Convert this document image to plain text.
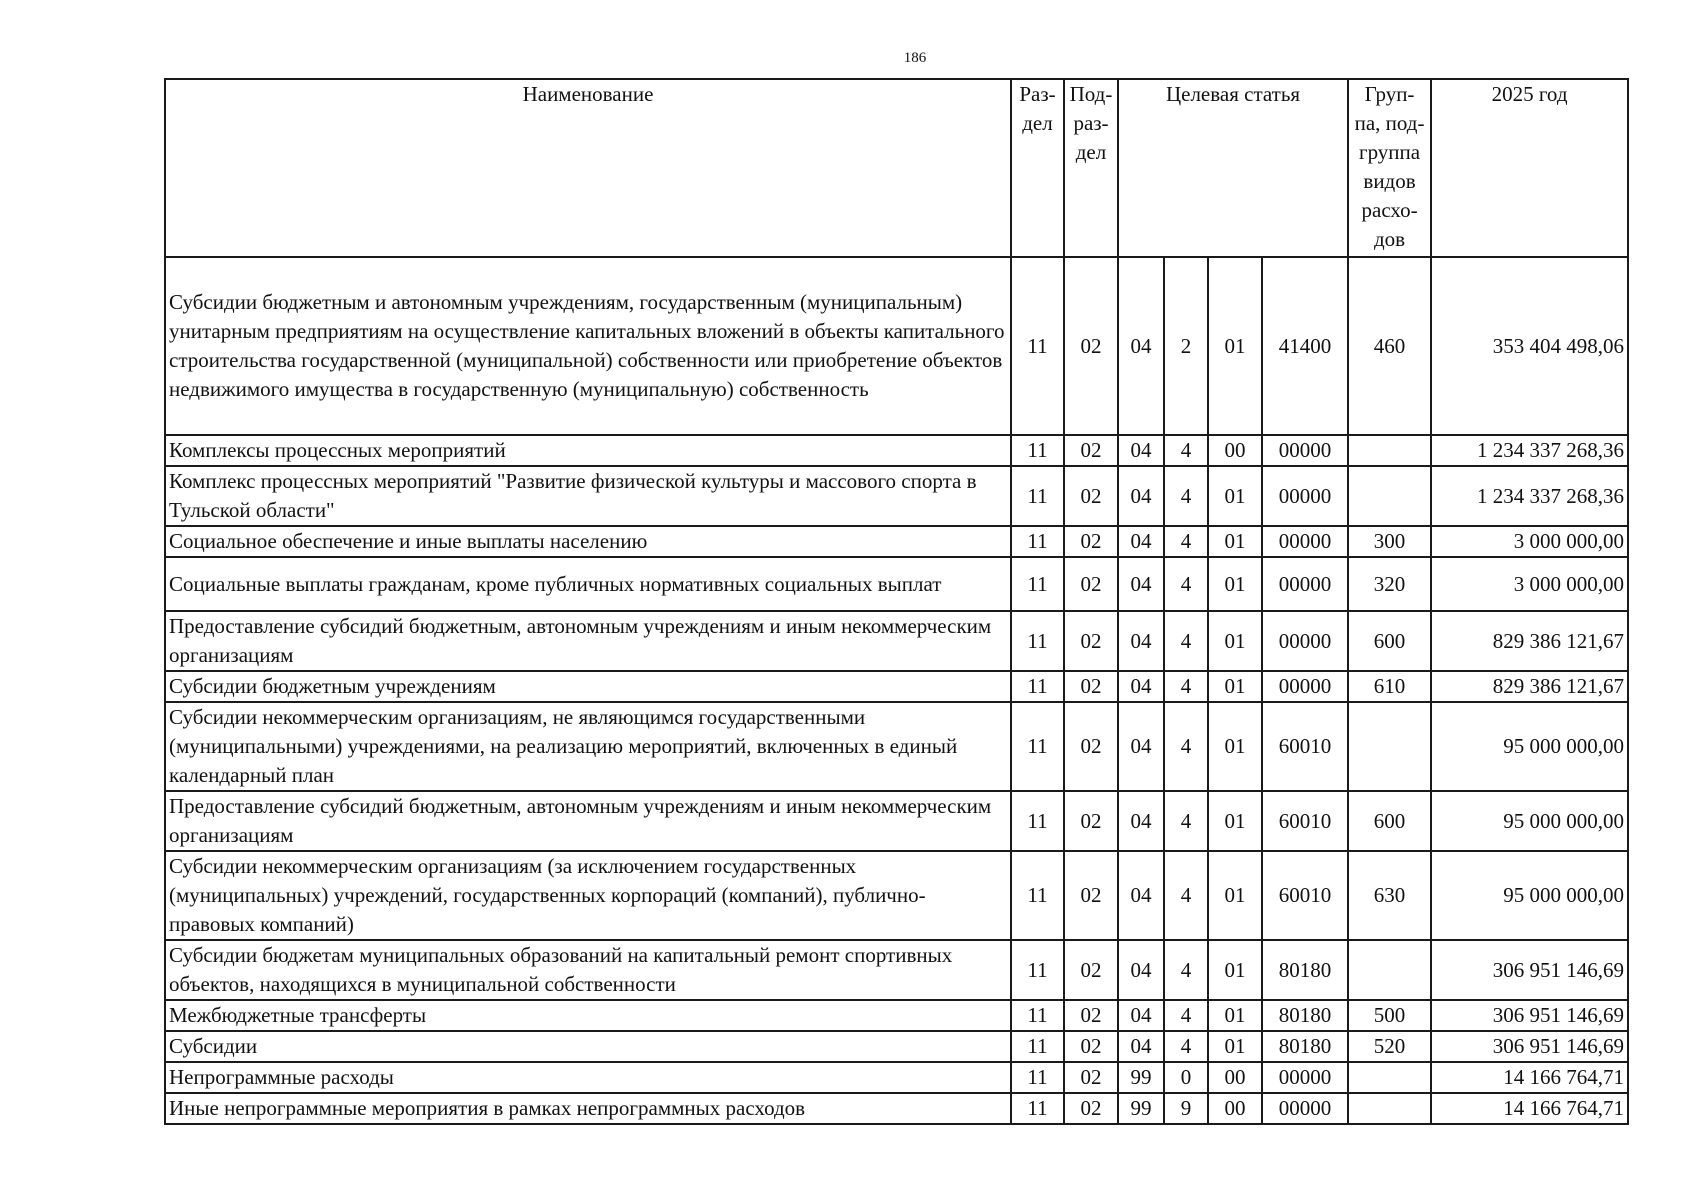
186
Наименование	Раз- дел	Под- раз- дел	Целевая статья				Груп- па, под- группа видов расхо- дов	2025 год
Субсидии бюджетным и автономным учреждениям, государственным (муниципальным) унитарным предприятиям на осуществление капитальных вложений в объекты капитального строительства государственной (муниципальной) собственности или приобретение объектов недвижимого имущества в государственную (муниципальную) собственность	11	02	04	2	01	41400	460	353 404 498,06
Комплексы процессных мероприятий	11	02	04	4	00	00000		1 234 337 268,36
Комплекс процессных мероприятий "Развитие физической культуры и массового спорта в Тульской области"	11	02	04	4	01	00000		1 234 337 268,36
Социальное обеспечение и иные выплаты населению	11	02	04	4	01	00000	300	3 000 000,00
Социальные выплаты гражданам, кроме публичных нормативных социальных выплат	11	02	04	4	01	00000	320	3 000 000,00
Предоставление субсидий бюджетным, автономным учреждениям и иным некоммерческим организациям	11	02	04	4	01	00000	600	829 386 121,67
Субсидии бюджетным учреждениям	11	02	04	4	01	00000	610	829 386 121,67
Субсидии некоммерческим организациям, не являющимся государственными (муниципальными) учреждениями, на реализацию мероприятий, включенных в единый календарный план	11	02	04	4	01	60010		95 000 000,00
Предоставление субсидий бюджетным, автономным учреждениям и иным некоммерческим организациям	11	02	04	4	01	60010	600	95 000 000,00
Субсидии некоммерческим организациям (за исключением государственных (муниципальных) учреждений, государственных корпораций (компаний), публично-правовых компаний)	11	02	04	4	01	60010	630	95 000 000,00
Субсидии бюджетам муниципальных образований на капитальный ремонт спортивных объектов, находящихся в муниципальной собственности	11	02	04	4	01	80180		306 951 146,69
Межбюджетные трансферты	11	02	04	4	01	80180	500	306 951 146,69
Субсидии	11	02	04	4	01	80180	520	306 951 146,69
Непрограммные расходы	11	02	99	0	00	00000		14 166 764,71
Иные непрограммные мероприятия в рамках непрограммных расходов	11	02	99	9	00	00000		14 166 764,71
